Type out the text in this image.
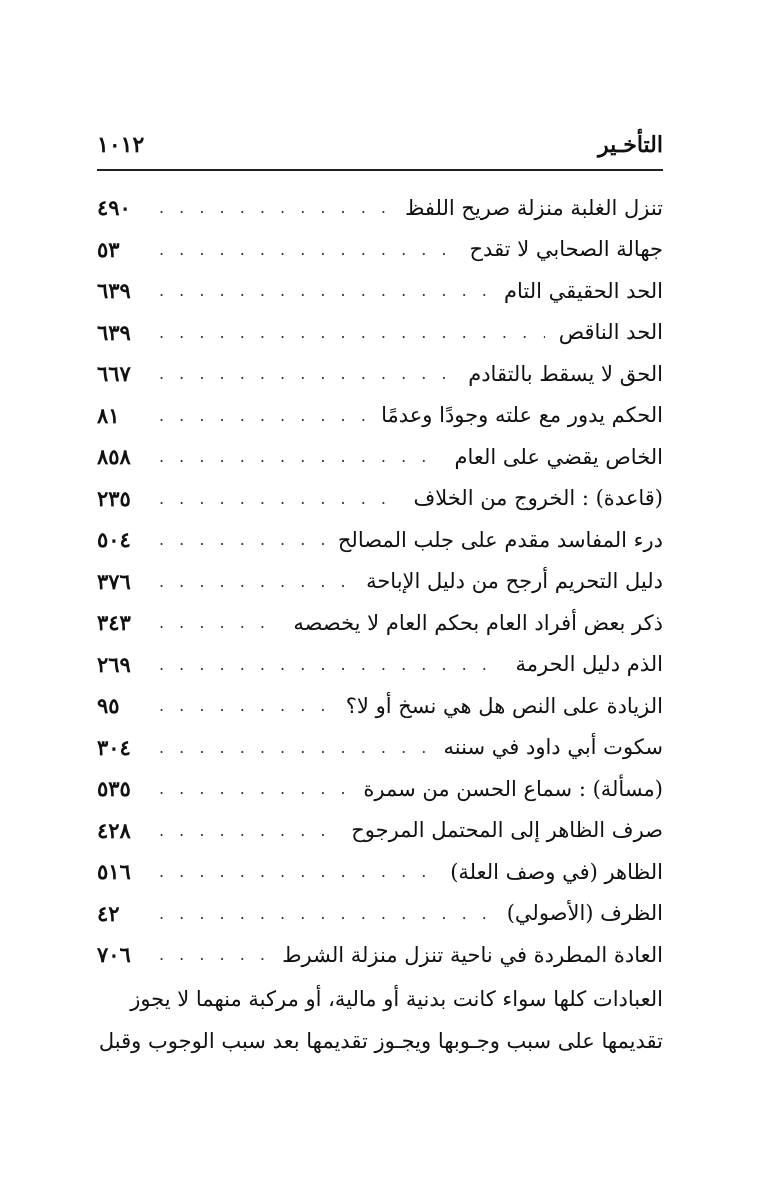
التأخـير
١٠١٢
تنزل الغلبة منزلة صريح اللفظ
. . .
٤٩٠
جهالة الصحابي لا تقدح
. . .
٥٣
الحد الحقيقي التام
. . .
٦٣٩
الحد الناقص
. . .
٦٣٩
الحق لا يسقط بالتقادم
. . .
٦٦٧
الحكم يدور مع علته وجودًا وعدمًا
. . .
٨١
الخاص يقضي على العام
. . .
٨٥٨
(قاعدة) : الخروج من الخلاف
. . .
٢٣٥
درء المفاسد مقدم على جلب المصالح
. . .
٥٠٤
دليل التحريم أرجح من دليل الإباحة
. . .
٣٧٦
ذكر بعض أفراد العام بحكم العام لا يخصصه
. . .
٣٤٣
الذم دليل الحرمة
. . .
٢٦٩
الزيادة على النص هل هي نسخ أو لا؟
. . .
٩٥
سكوت أبي داود في سننه
. . .
٣٠٤
(مسألة) : سماع الحسن من سمرة
. . .
٥٣٥
صرف الظاهر إلى المحتمل المرجوح
. . .
٤٢٨
الظاهر (في وصف العلة)
. . .
٥١٦
الظرف (الأصولي)
. . .
٤٢
العادة المطردة في ناحية تنزل منزلة الشرط
. . .
٧٠٦
العبادات كلها سواء كانت بدنية أو مالية، أو مركبة منهما لا يجوز
تقديمها على سبب وجـوبها ويجـوز تقديمها بعد سبب الوجوب وقبل
